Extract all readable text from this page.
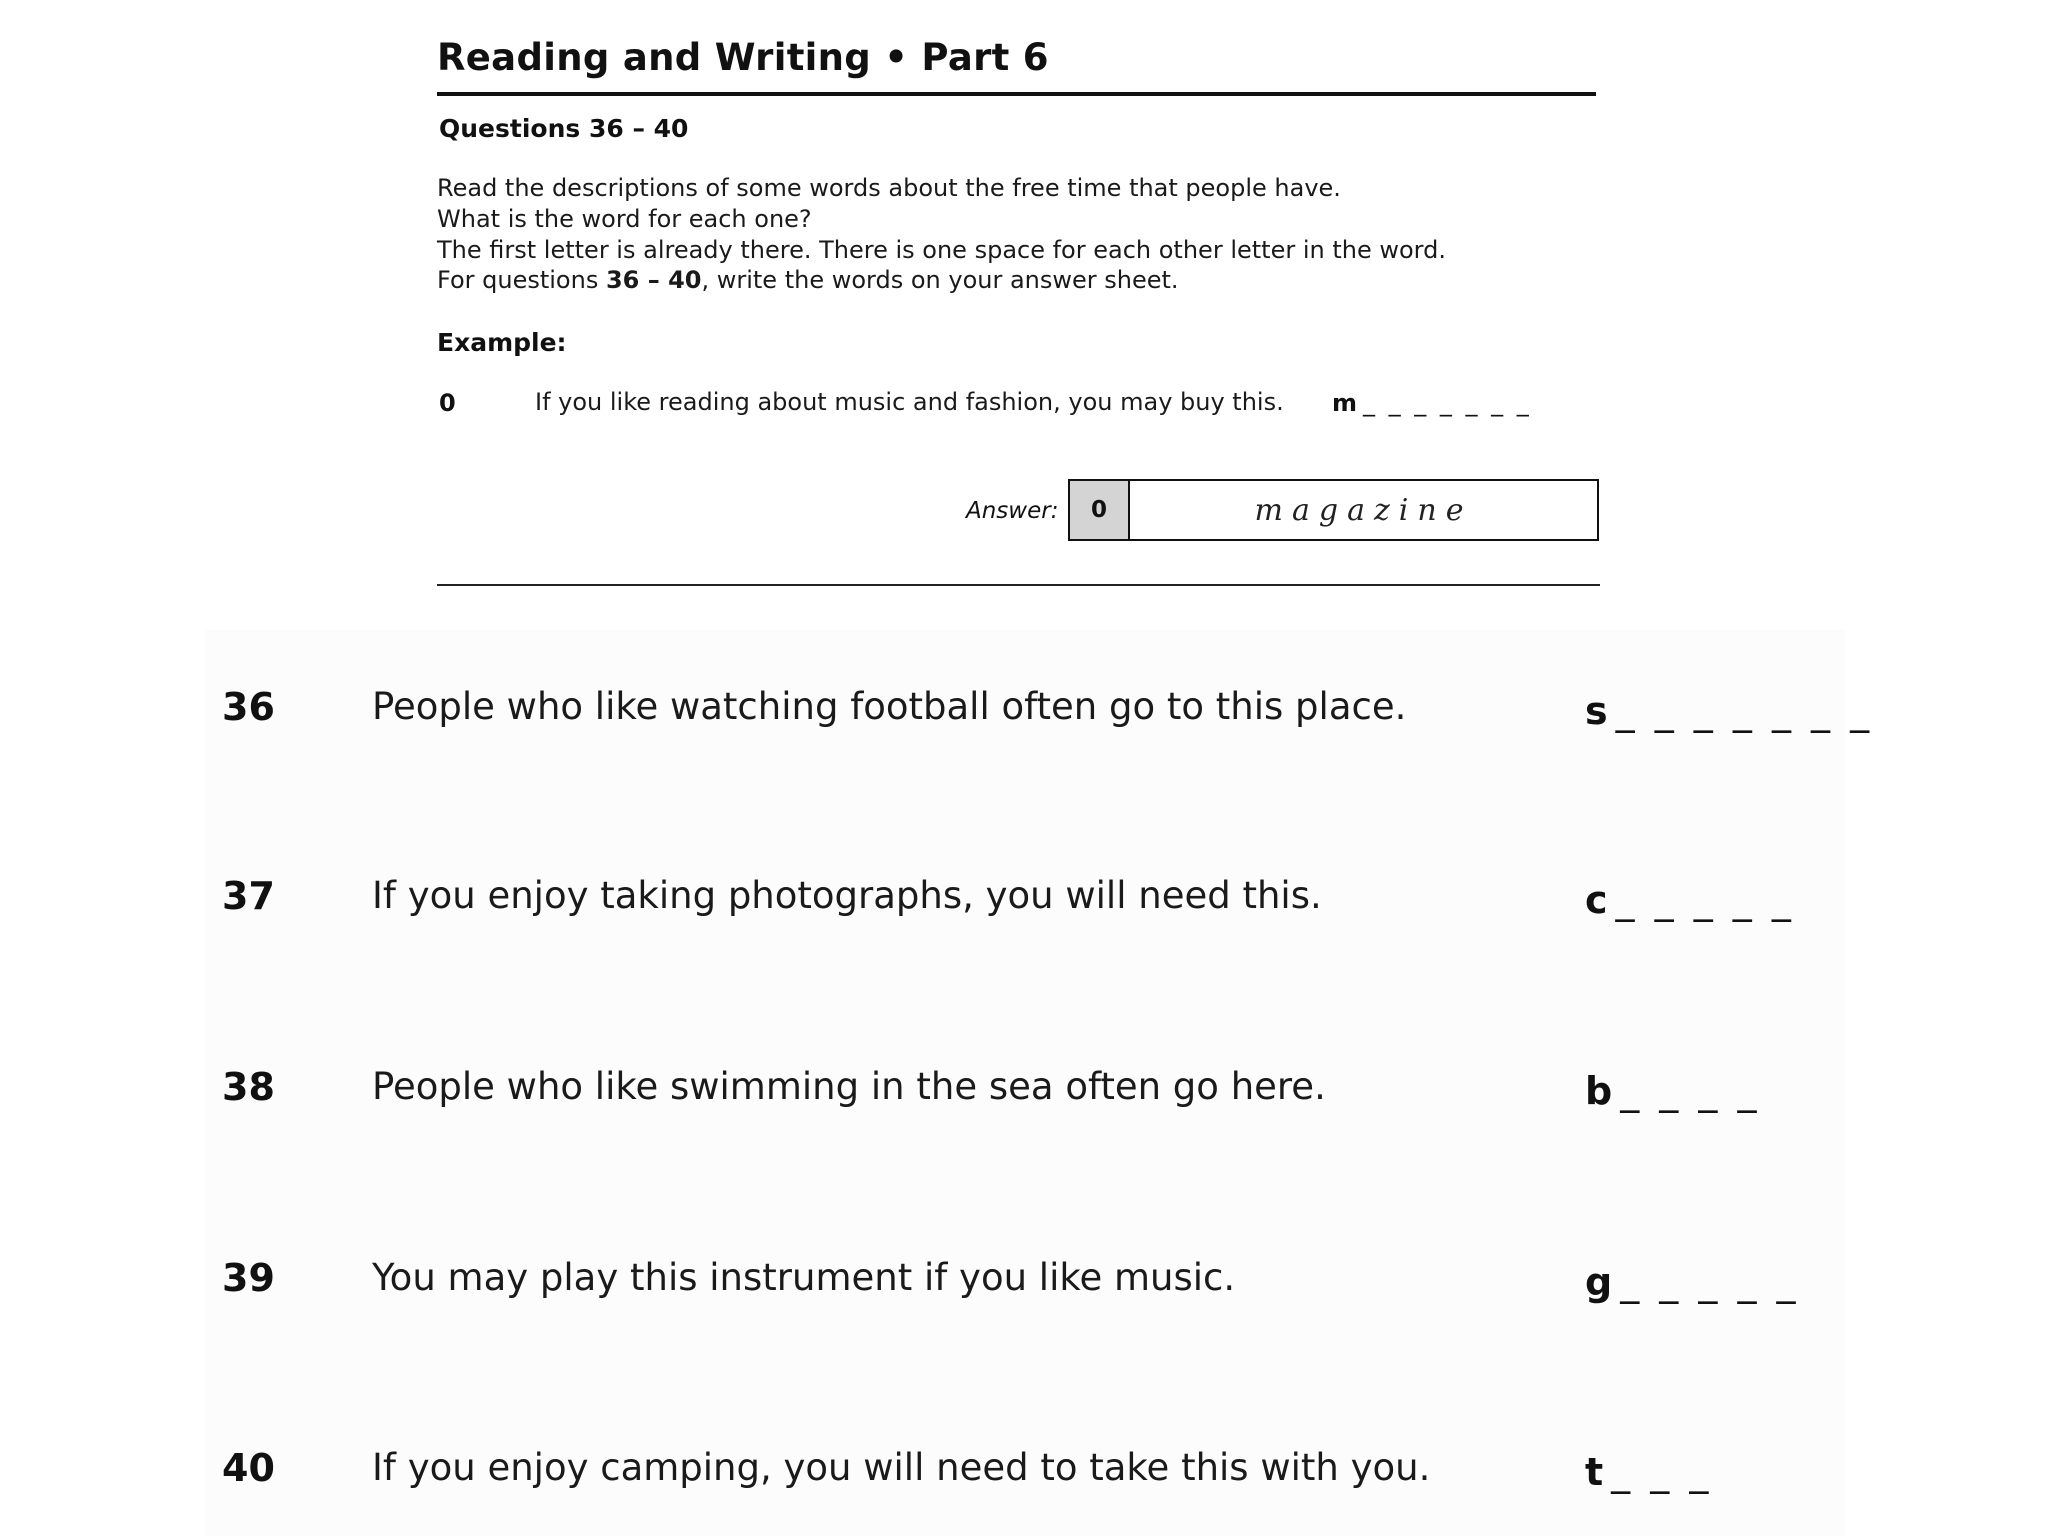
Reading and Writing • Part 6
Questions 36 – 40
Read the descriptions of some words about the free time that people have.
What is the word for each one?
The first letter is already there. There is one space for each other letter in the word.
For questions 36 – 40, write the words on your answer sheet.
Example:
0	If you like reading about music and fashion, you may buy this. m _ _ _ _ _ _ _
Answer:	0	magazine
36	People who like watching football often go to this place.	s _ _ _ _ _ _ _
37	If you enjoy taking photographs, you will need this.	c _ _ _ _ _
38	People who like swimming in the sea often go here.	b _ _ _ _
39	You may play this instrument if you like music.	g _ _ _ _ _
40	If you enjoy camping, you will need to take this with you.	t _ _ _
